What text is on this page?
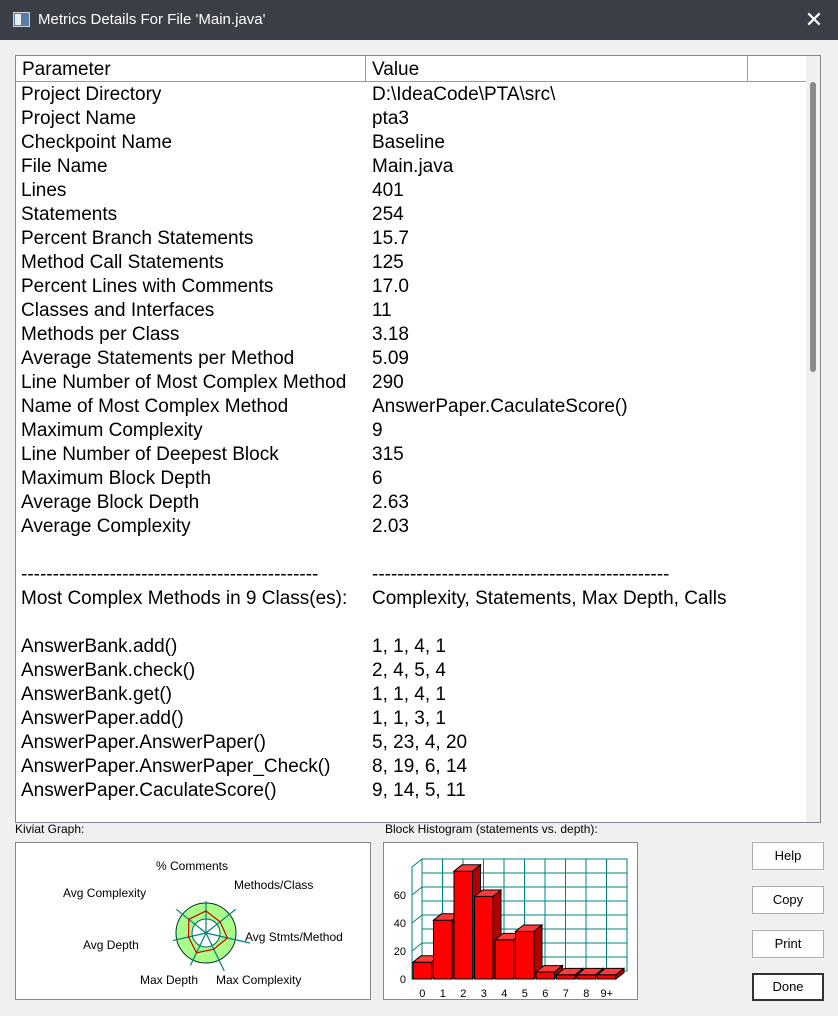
Metrics Details For File 'Main.java'	✕
Parameter	Value
Project Directory	D:\IdeaCode\PTA\src\
Project Name	pta3
Checkpoint Name	Baseline
File Name	Main.java
Lines	401
Statements	254
Percent Branch Statements	15.7
Method Call Statements	125
Percent Lines with Comments	17.0
Classes and Interfaces	11
Methods per Class	3.18
Average Statements per Method	5.09
Line Number of Most Complex Method 290
Name of Most Complex Method	AnswerPaper.CaculateScore()
Maximum Complexity	9
Line Number of Deepest Block	315
Maximum Block Depth	6
Average Block Depth	2.63
Average Complexity	2.03
-----------------------------------------------	-----------------------------------------------
Most Complex Methods in 9 Class(es): Complexity, Statements, Max Depth, Calls
AnswerBank.add()	1, 1, 4, 1
AnswerBank.check()	2, 4, 5, 4
AnswerBank.get()	1, 1, 4, 1
AnswerPaper.add()	1, 1, 3, 1
AnswerPaper.AnswerPaper()	5, 23, 4, 20
AnswerPaper.AnswerPaper_Check() 8, 19, 6, 14
AnswerPaper.CaculateScore()	9, 14, 5, 11
Kiviat Graph:	Block Histogram (statements vs. depth):
% Comments
Methods/Class
Avg Stmts/Method
Max Complexity
Max Depth
Avg Depth
Avg Complexity
0
20
40
60
0 1 2 3 4 5 6 7 8 9+
Help
Copy
Print
Done
